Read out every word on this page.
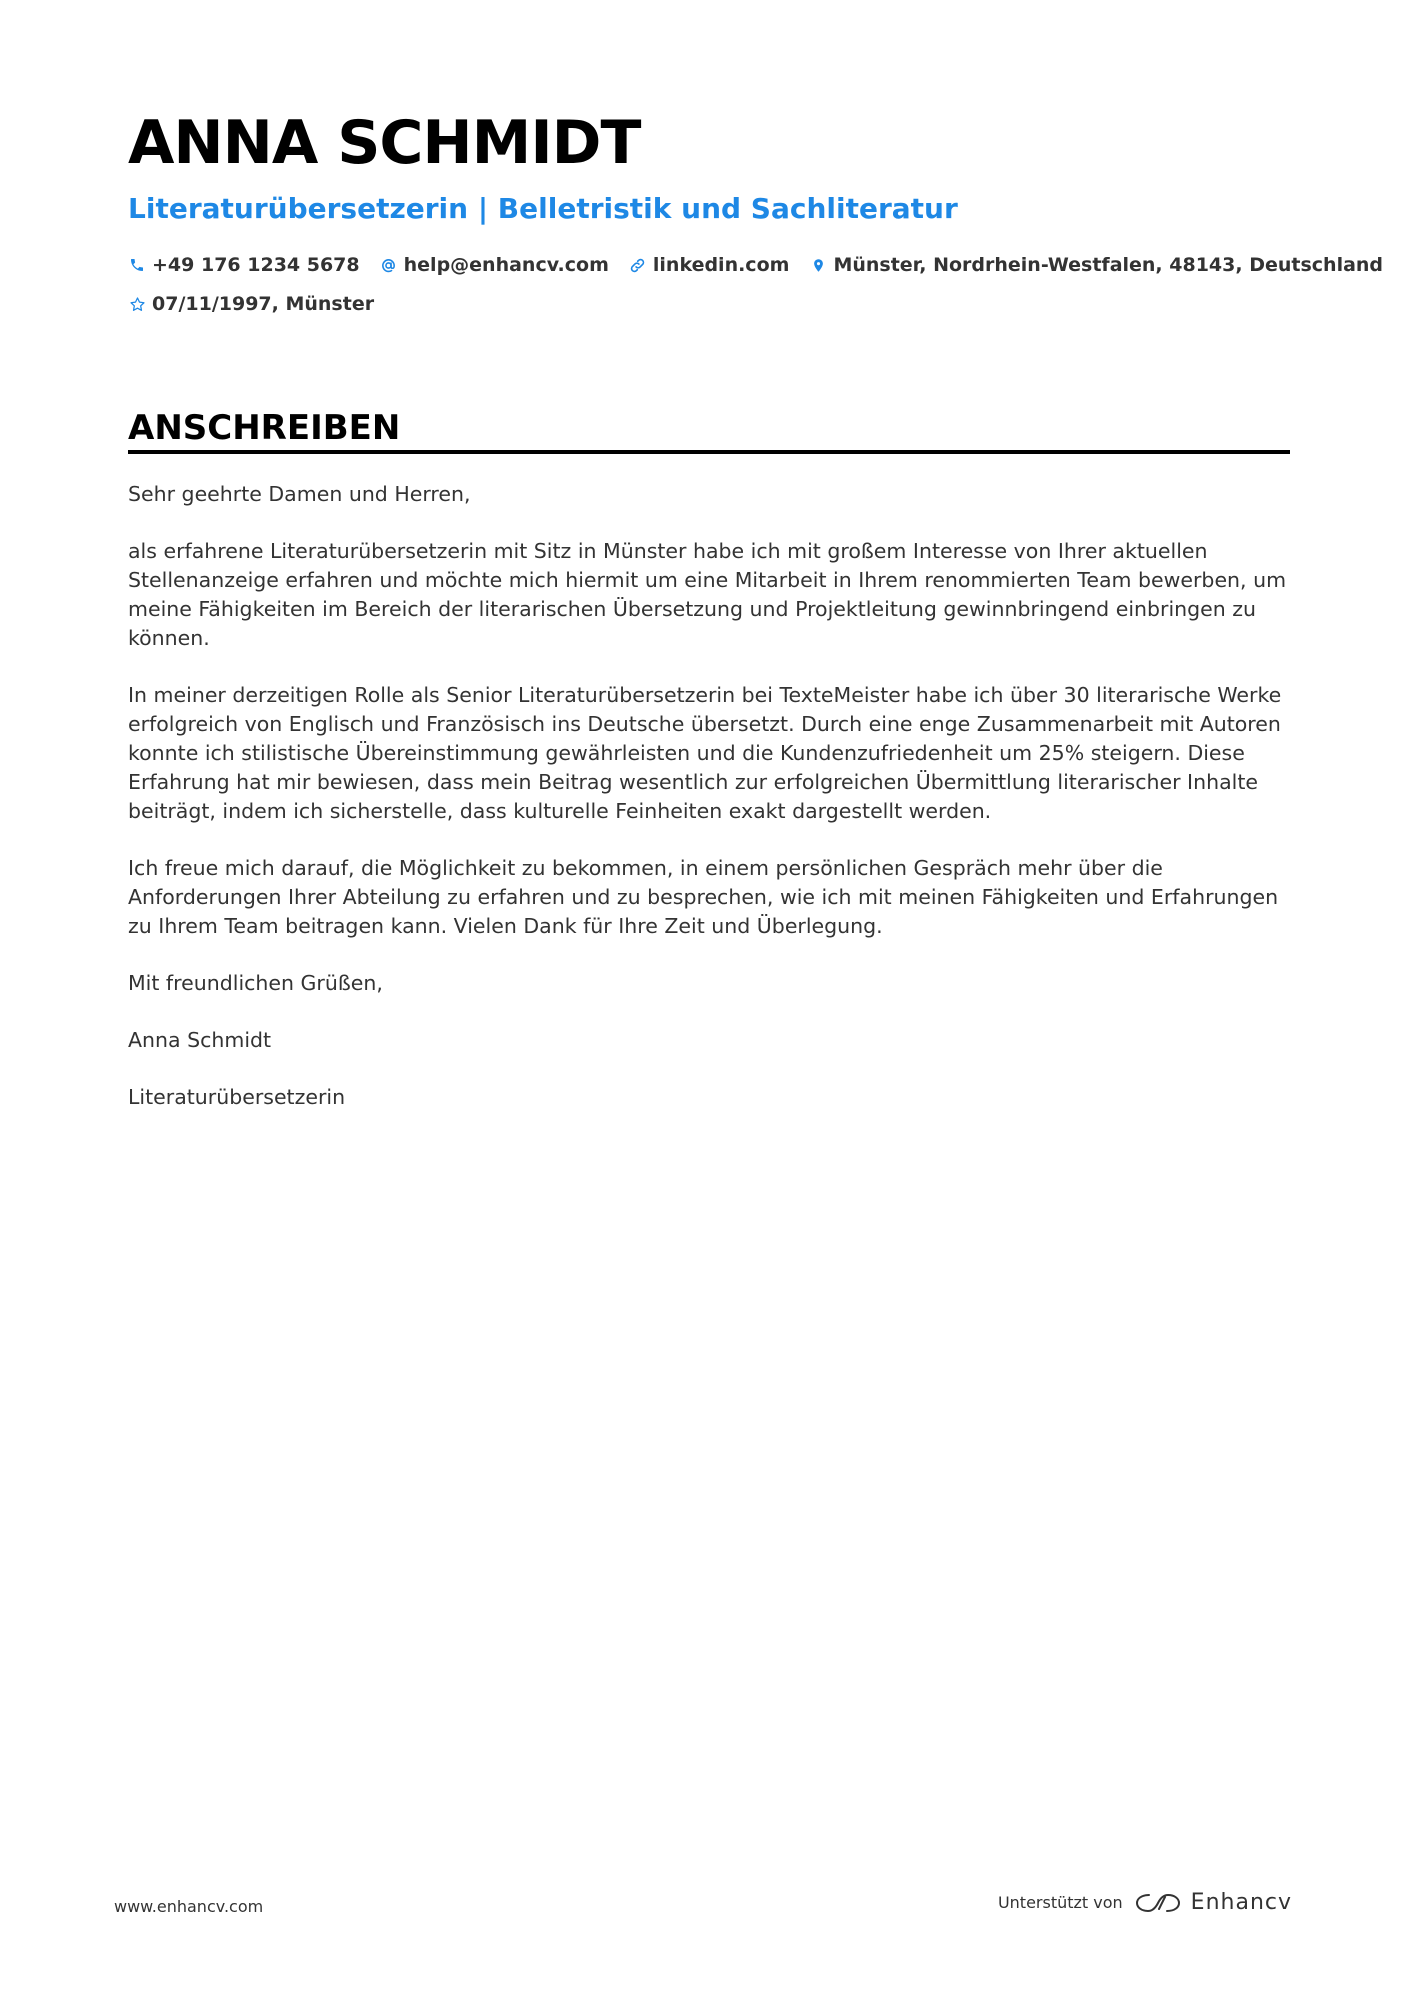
ANNA SCHMIDT
Literaturübersetzerin | Belletristik und Sachliteratur
+49 176 1234 5678 help@enhancv.com linkedin.com Münster, Nordrhein-Westfalen, 48143, Deutschland
07/11/1997, Münster
ANSCHREIBEN

Sehr geehrte Damen und Herren,

als erfahrene Literaturübersetzerin mit Sitz in Münster habe ich mit großem Interesse von Ihrer aktuellen Stellenanzeige erfahren und möchte mich hiermit um eine Mitarbeit in Ihrem renommierten Team bewerben, um meine Fähigkeiten im Bereich der literarischen Übersetzung und Projektleitung gewinnbringend einbringen zu können.

In meiner derzeitigen Rolle als Senior Literaturübersetzerin bei TexteMeister habe ich über 30 literarische Werke erfolgreich von Englisch und Französisch ins Deutsche übersetzt. Durch eine enge Zusammenarbeit mit Autoren konnte ich stilistische Übereinstimmung gewährleisten und die Kundenzufriedenheit um 25% steigern. Diese Erfahrung hat mir bewiesen, dass mein Beitrag wesentlich zur erfolgreichen Übermittlung literarischer Inhalte beiträgt, indem ich sicherstelle, dass kulturelle Feinheiten exakt dargestellt werden.

Ich freue mich darauf, die Möglichkeit zu bekommen, in einem persönlichen Gespräch mehr über die Anforderungen Ihrer Abteilung zu erfahren und zu besprechen, wie ich mit meinen Fähigkeiten und Erfahrungen zu Ihrem Team beitragen kann. Vielen Dank für Ihre Zeit und Überlegung.

Mit freundlichen Grüßen,

Anna Schmidt

Literaturübersetzerin

www.enhancv.com	Unterstützt von	Enhancv
